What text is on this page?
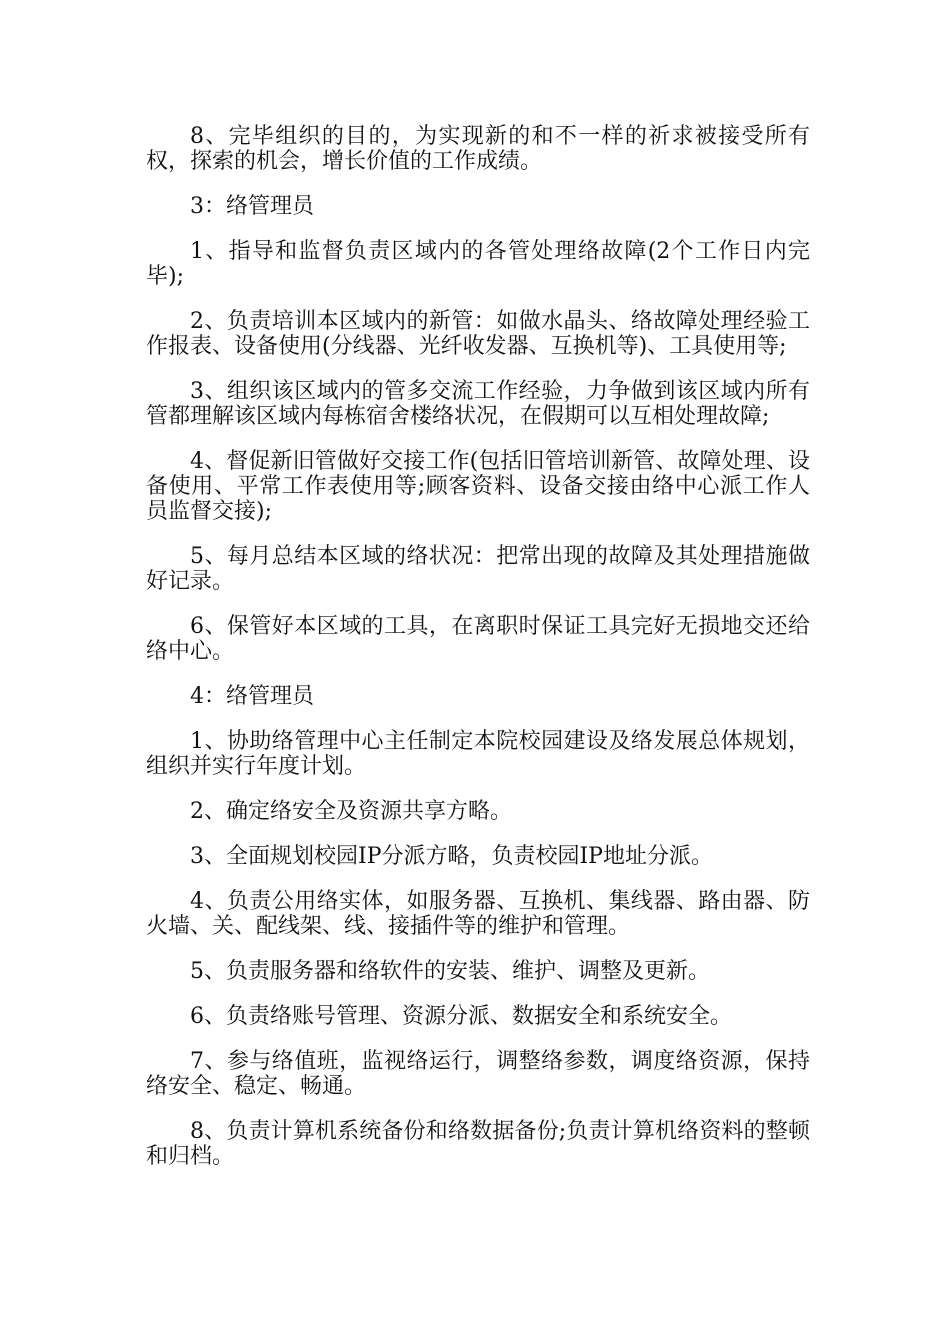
8、完毕组织的目的，为实现新的和不一样的祈求被接受所有权，探索的机会，增长价值的工作成绩。

3：络管理员

1、指导和监督负责区域内的各管处理络故障(2个工作日内完毕);

2、负责培训本区域内的新管：如做水晶头、络故障处理经验工作报表、设备使用(分线器、光纤收发器、互换机等)、工具使用等;

3、组织该区域内的管多交流工作经验，力争做到该区域内所有管都理解该区域内每栋宿舍楼络状况，在假期可以互相处理故障;

4、督促新旧管做好交接工作(包括旧管培训新管、故障处理、设备使用、平常工作表使用等;顾客资料、设备交接由络中心派工作人员监督交接);

5、每月总结本区域的络状况：把常出现的故障及其处理措施做好记录。

6、保管好本区域的工具，在离职时保证工具完好无损地交还给络中心。

4：络管理员

1、协助络管理中心主任制定本院校园建设及络发展总体规划，组织并实行年度计划。

2、确定络安全及资源共享方略。

3、全面规划校园IP分派方略，负责校园IP地址分派。

4、负责公用络实体，如服务器、互换机、集线器、路由器、防火墙、关、配线架、线、接插件等的维护和管理。

5、负责服务器和络软件的安装、维护、调整及更新。

6、负责络账号管理、资源分派、数据安全和系统安全。

7、参与络值班，监视络运行，调整络参数，调度络资源，保持络安全、稳定、畅通。

8、负责计算机系统备份和络数据备份;负责计算机络资料的整顿和归档。
